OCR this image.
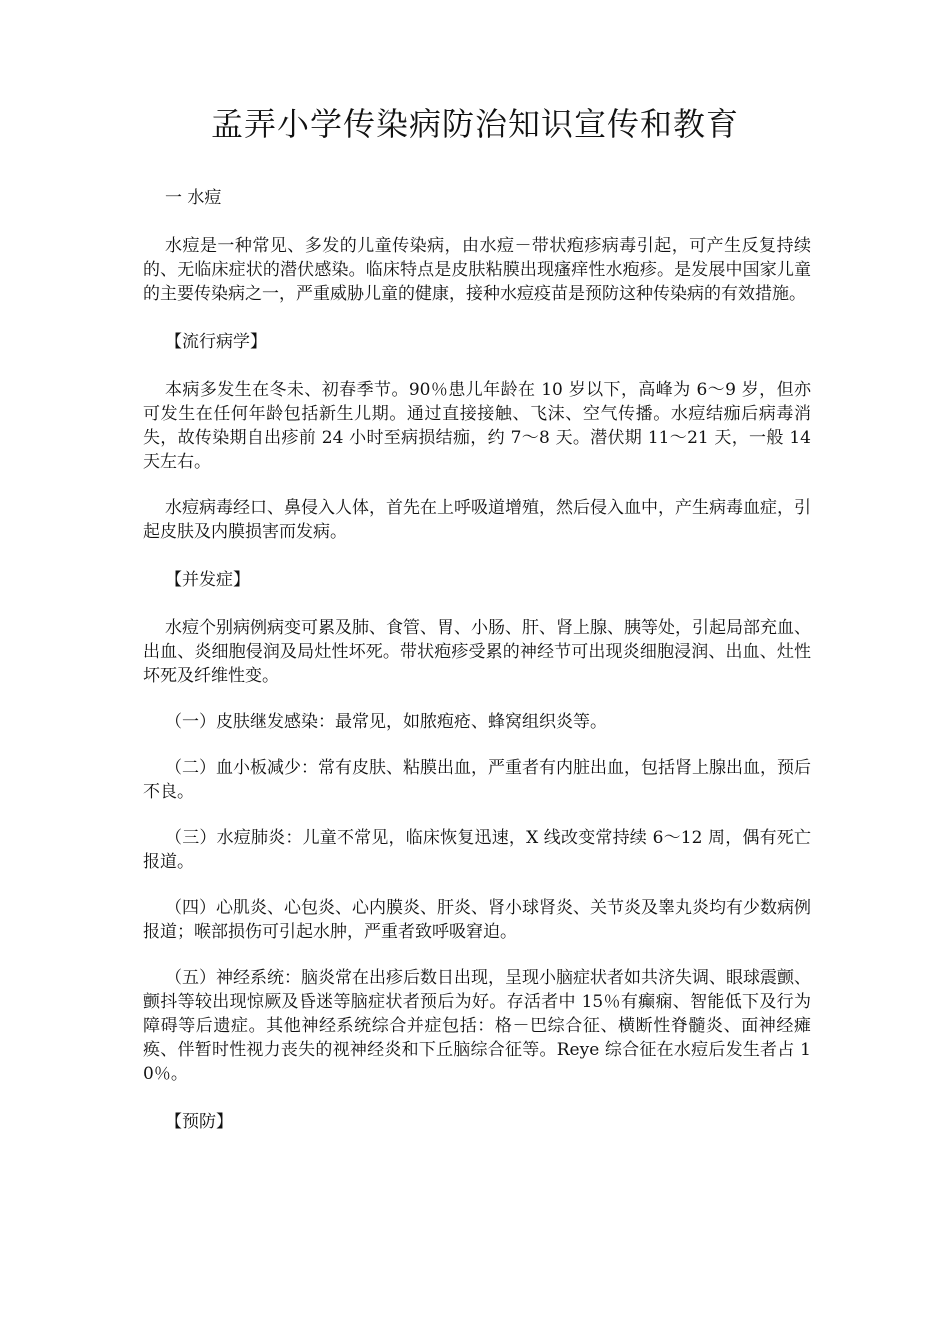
孟弄小学传染病防治知识宣传和教育

一 水痘

水痘是一种常见、多发的儿童传染病，由水痘－带状疱疹病毒引起，可产生反复持续的、无临床症状的潜伏感染。临床特点是皮肤粘膜出现瘙痒性水疱疹。是发展中国家儿童的主要传染病之一，严重威胁儿童的健康，接种水痘疫苗是预防这种传染病的有效措施。

【流行病学】

本病多发生在冬未、初春季节。90％患儿年龄在 10 岁以下，高峰为 6～9 岁，但亦可发生在任何年龄包括新生儿期。通过直接接触、飞沫、空气传播。水痘结痂后病毒消失，故传染期自出疹前 24 小时至病损结痂，约 7～8 天。潜伏期 11～21 天，一般 14 天左右。

水痘病毒经口、鼻侵入人体，首先在上呼吸道增殖，然后侵入血中，产生病毒血症，引起皮肤及内膜损害而发病。

【并发症】

水痘个别病例病变可累及肺、食管、胃、小肠、肝、肾上腺、胰等处，引起局部充血、出血、炎细胞侵润及局灶性坏死。带状疱疹受累的神经节可出现炎细胞浸润、出血、灶性坏死及纤维性变。

（一）皮肤继发感染：最常见，如脓疱疮、蜂窝组织炎等。

（二）血小板减少：常有皮肤、粘膜出血，严重者有内脏出血，包括肾上腺出血，预后不良。

（三）水痘肺炎：儿童不常见，临床恢复迅速，X 线改变常持续 6～12 周，偶有死亡报道。

（四）心肌炎、心包炎、心内膜炎、肝炎、肾小球肾炎、关节炎及睾丸炎均有少数病例报道；喉部损伤可引起水肿，严重者致呼吸窘迫。

（五）神经系统：脑炎常在出疹后数日出现，呈现小脑症状者如共济失调、眼球震颤、颤抖等较出现惊厥及昏迷等脑症状者预后为好。存活者中 15％有癫痫、智能低下及行为障碍等后遗症。其他神经系统综合并症包括：格－巴综合征、横断性脊髓炎、面神经瘫痪、伴暂时性视力丧失的视神经炎和下丘脑综合征等。Reye 综合征在水痘后发生者占 10％。

【预防】
